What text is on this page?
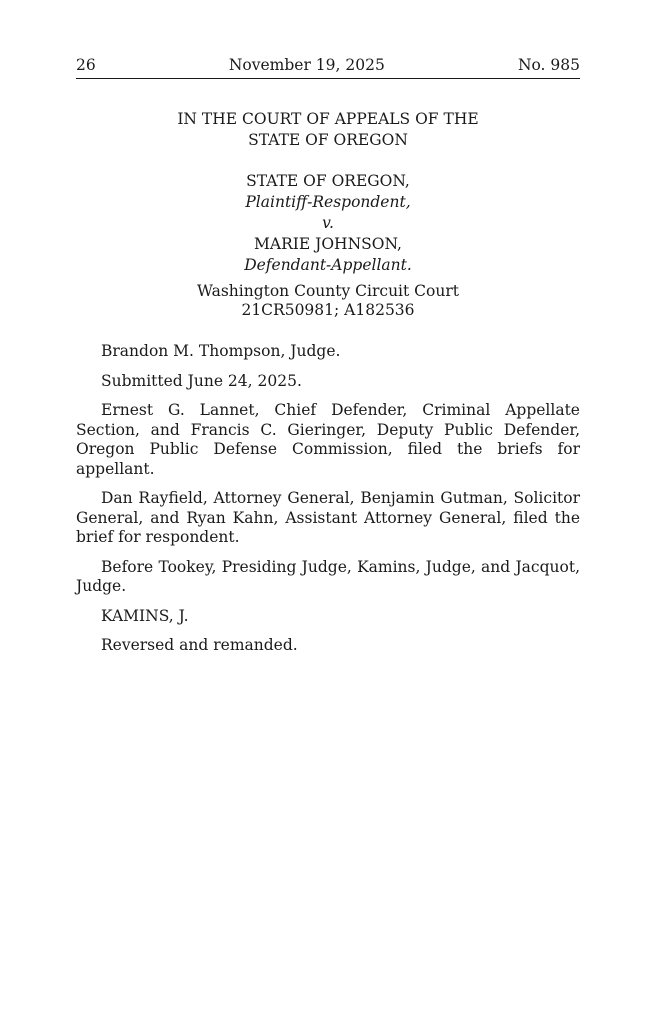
26	November 19, 2025	No. 985
IN THE COURT OF APPEALS OF THE
STATE OF OREGON
STATE OF OREGON,
Plaintiff-Respondent,
v.
MARIE JOHNSON,
Defendant-Appellant.
Washington County Circuit Court
21CR50981; A182536

Brandon M. Thompson, Judge.

Submitted June 24, 2025.

Ernest G. Lannet, Chief Defender, Criminal Appellate Section, and Francis C. Gieringer, Deputy Public Defender, Oregon Public Defense Commission, filed the briefs for appellant.

Dan Rayfield, Attorney General, Benjamin Gutman, Solicitor General, and Ryan Kahn, Assistant Attorney General, filed the brief for respondent.

Before Tookey, Presiding Judge, Kamins, Judge, and Jacquot, Judge.

KAMINS, J.

Reversed and remanded.
